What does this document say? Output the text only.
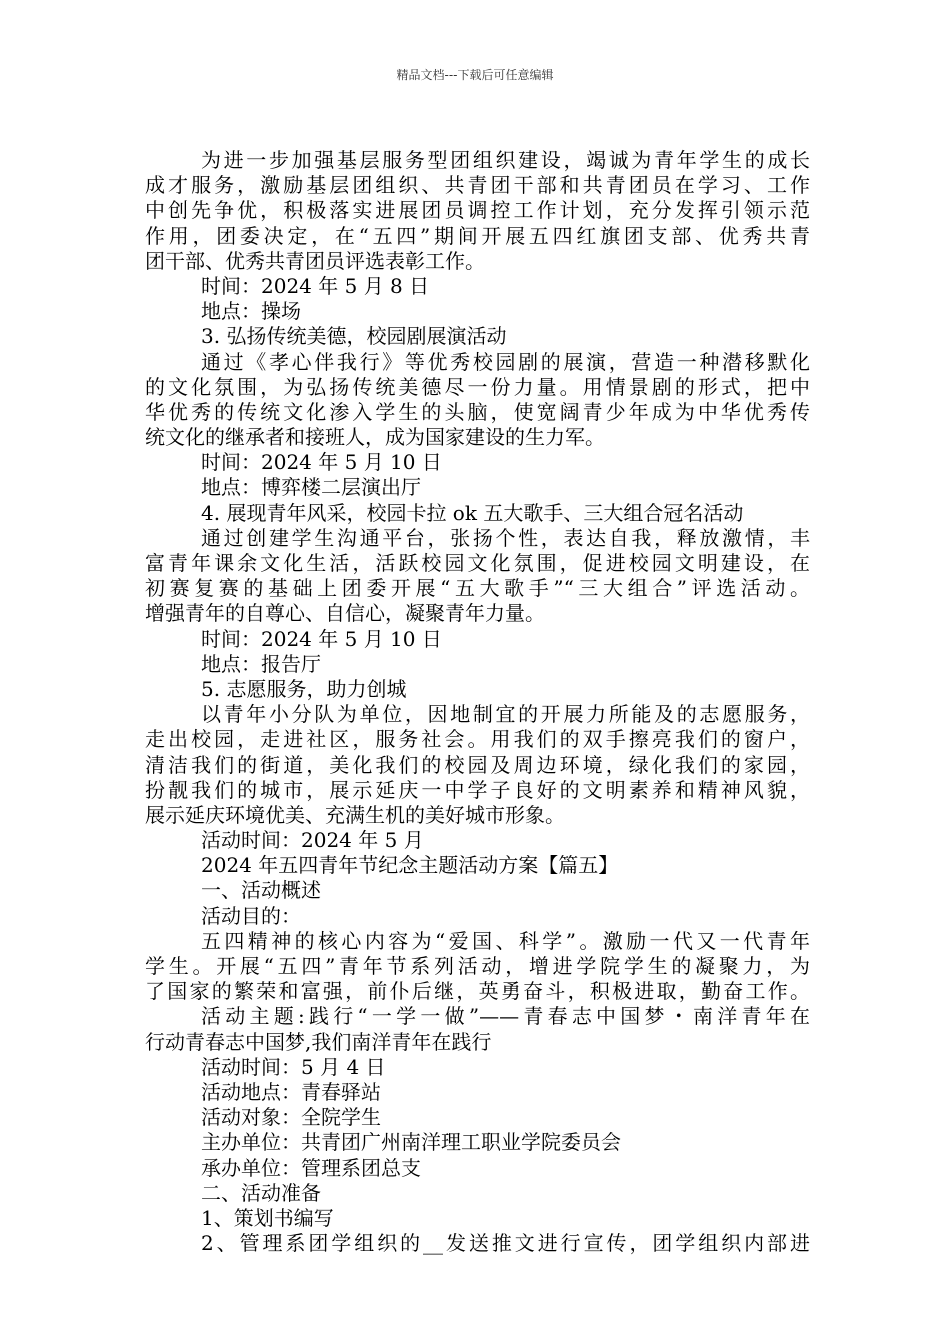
精品文档---下载后可任意编辑
为进一步加强基层服务型团组织建设，竭诚为青年学生的成长
成才服务，激励基层团组织、共青团干部和共青团员在学习、工作
中创先争优，积极落实进展团员调控工作计划，充分发挥引领示范
作用，团委决定，在“五四”期间开展五四红旗团支部、优秀共青
团干部、优秀共青团员评选表彰工作。
时间：2024 年 5 月 8 日
地点：操场
3. 弘扬传统美德，校园剧展演活动
通过《孝心伴我行》等优秀校园剧的展演，营造一种潜移默化
的文化氛围，为弘扬传统美德尽一份力量。用情景剧的形式，把中
华优秀的传统文化渗入学生的头脑，使宽阔青少年成为中华优秀传
统文化的继承者和接班人，成为国家建设的生力军。
时间：2024 年 5 月 10 日
地点：博弈楼二层演出厅
4. 展现青年风采，校园卡拉 ok 五大歌手、三大组合冠名活动
通过创建学生沟通平台，张扬个性，表达自我，释放激情，丰
富青年课余文化生活，活跃校园文化氛围，促进校园文明建设，在
初赛复赛的基础上团委开展“五大歌手”“三大组合”评选活动。
增强青年的自尊心、自信心，凝聚青年力量。
时间：2024 年 5 月 10 日
地点：报告厅
5. 志愿服务，助力创城
以青年小分队为单位，因地制宜的开展力所能及的志愿服务，
走出校园，走进社区，服务社会。用我们的双手擦亮我们的窗户，
清洁我们的街道，美化我们的校园及周边环境，绿化我们的家园，
扮靓我们的城市，展示延庆一中学子良好的文明素养和精神风貌，
展示延庆环境优美、充满生机的美好城市形象。
活动时间：2024 年 5 月
2024 年五四青年节纪念主题活动方案【篇五】
一、活动概述
活动目的：
五四精神的核心内容为“爱国、科学”。激励一代又一代青年
学生。开展“五四”青年节系列活动，增进学院学生的凝聚力，为
了国家的繁荣和富强，前仆后继，英勇奋斗，积极进取，勤奋工作。
活动主题:践行“一学一做”——青春志中国梦・南洋青年在
行动青春志中国梦,我们南洋青年在践行
活动时间：5 月 4 日
活动地点：青春驿站
活动对象：全院学生
主办单位：共青团广州南洋理工职业学院委员会
承办单位：管理系团总支
二、活动准备
1、策划书编写
2、管理系团学组织的__发送推文进行宣传，团学组织内部进
